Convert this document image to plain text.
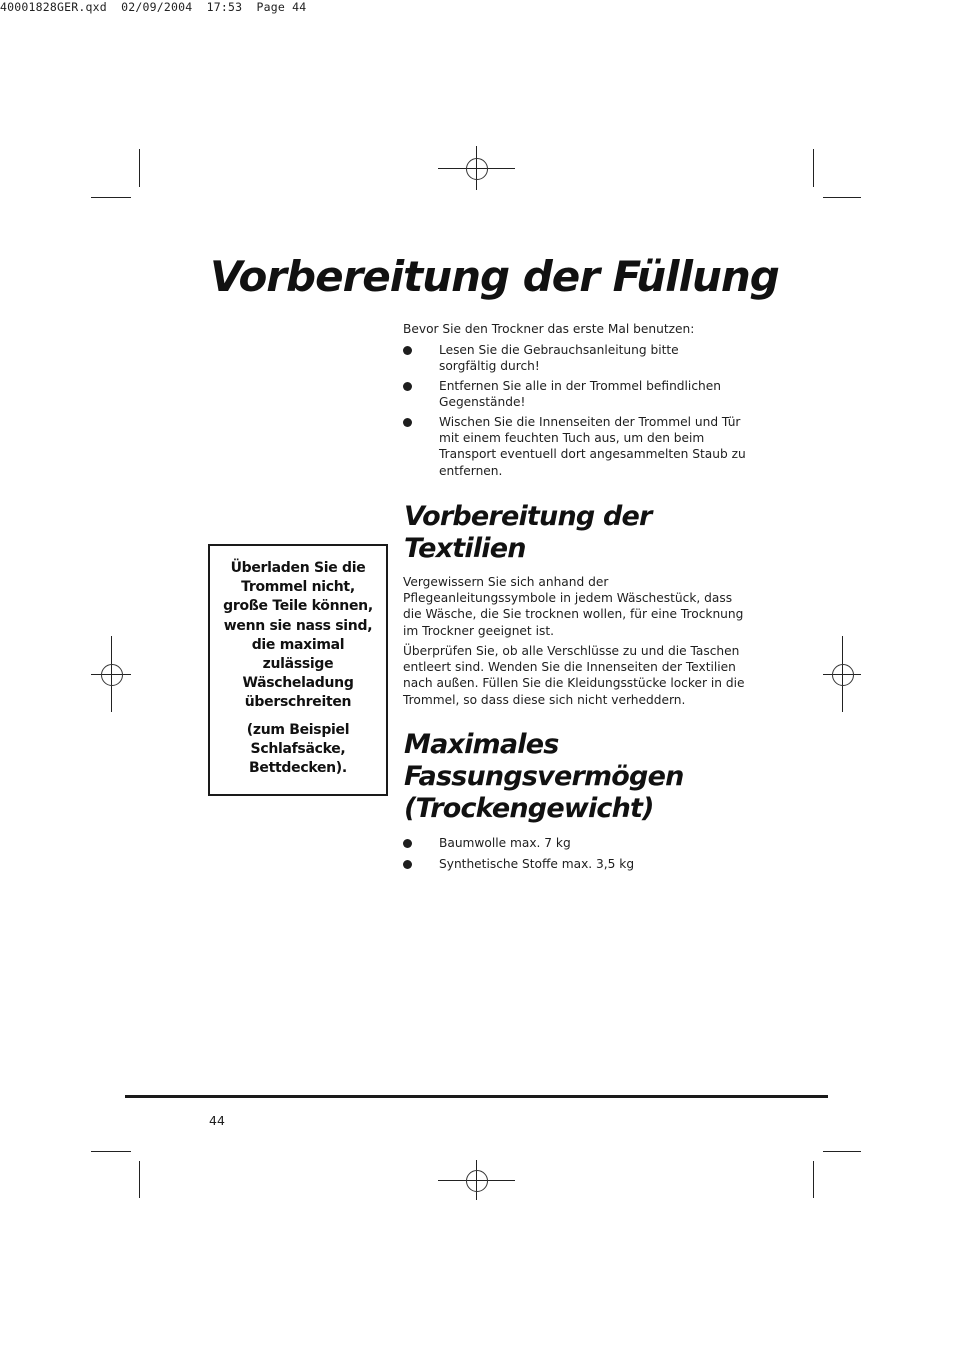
40001828GER.qxd 02/09/2004 17:53 Page 44
Vorbereitung der Füllung
Bevor Sie den Trockner das erste Mal benutzen:
Lesen Sie die Gebrauchsanleitung bitte sorgfältig durch!
Entfernen Sie alle in der Trommel befindlichen Gegenstände!
Wischen Sie die Innenseiten der Trommel und Tür mit einem feuchten Tuch aus, um den beim Transport eventuell dort angesammelten Staub zu entfernen.
Vorbereitung der
Textilien
Vergewissern Sie sich anhand der Pflegeanleitungssymbole in jedem Wäschestück, dass die Wäsche, die Sie trocknen wollen, für eine Trocknung im Trockner geeignet ist.
Überprüfen Sie, ob alle Verschlüsse zu und die Taschen entleert sind. Wenden Sie die Innenseiten der Textilien nach außen. Füllen Sie die Kleidungsstücke locker in die Trommel, so dass diese sich nicht verheddern.
Maximales
Fassungsvermögen
(Trockengewicht)
Baumwolle max. 7 kg
Synthetische Stoffe max. 3,5 kg
Überladen Sie die Trommel nicht, große Teile können, wenn sie nass sind, die maximal zulässige Wäscheladung überschreiten
(zum Beispiel Schlafsäcke, Bettdecken).
44
